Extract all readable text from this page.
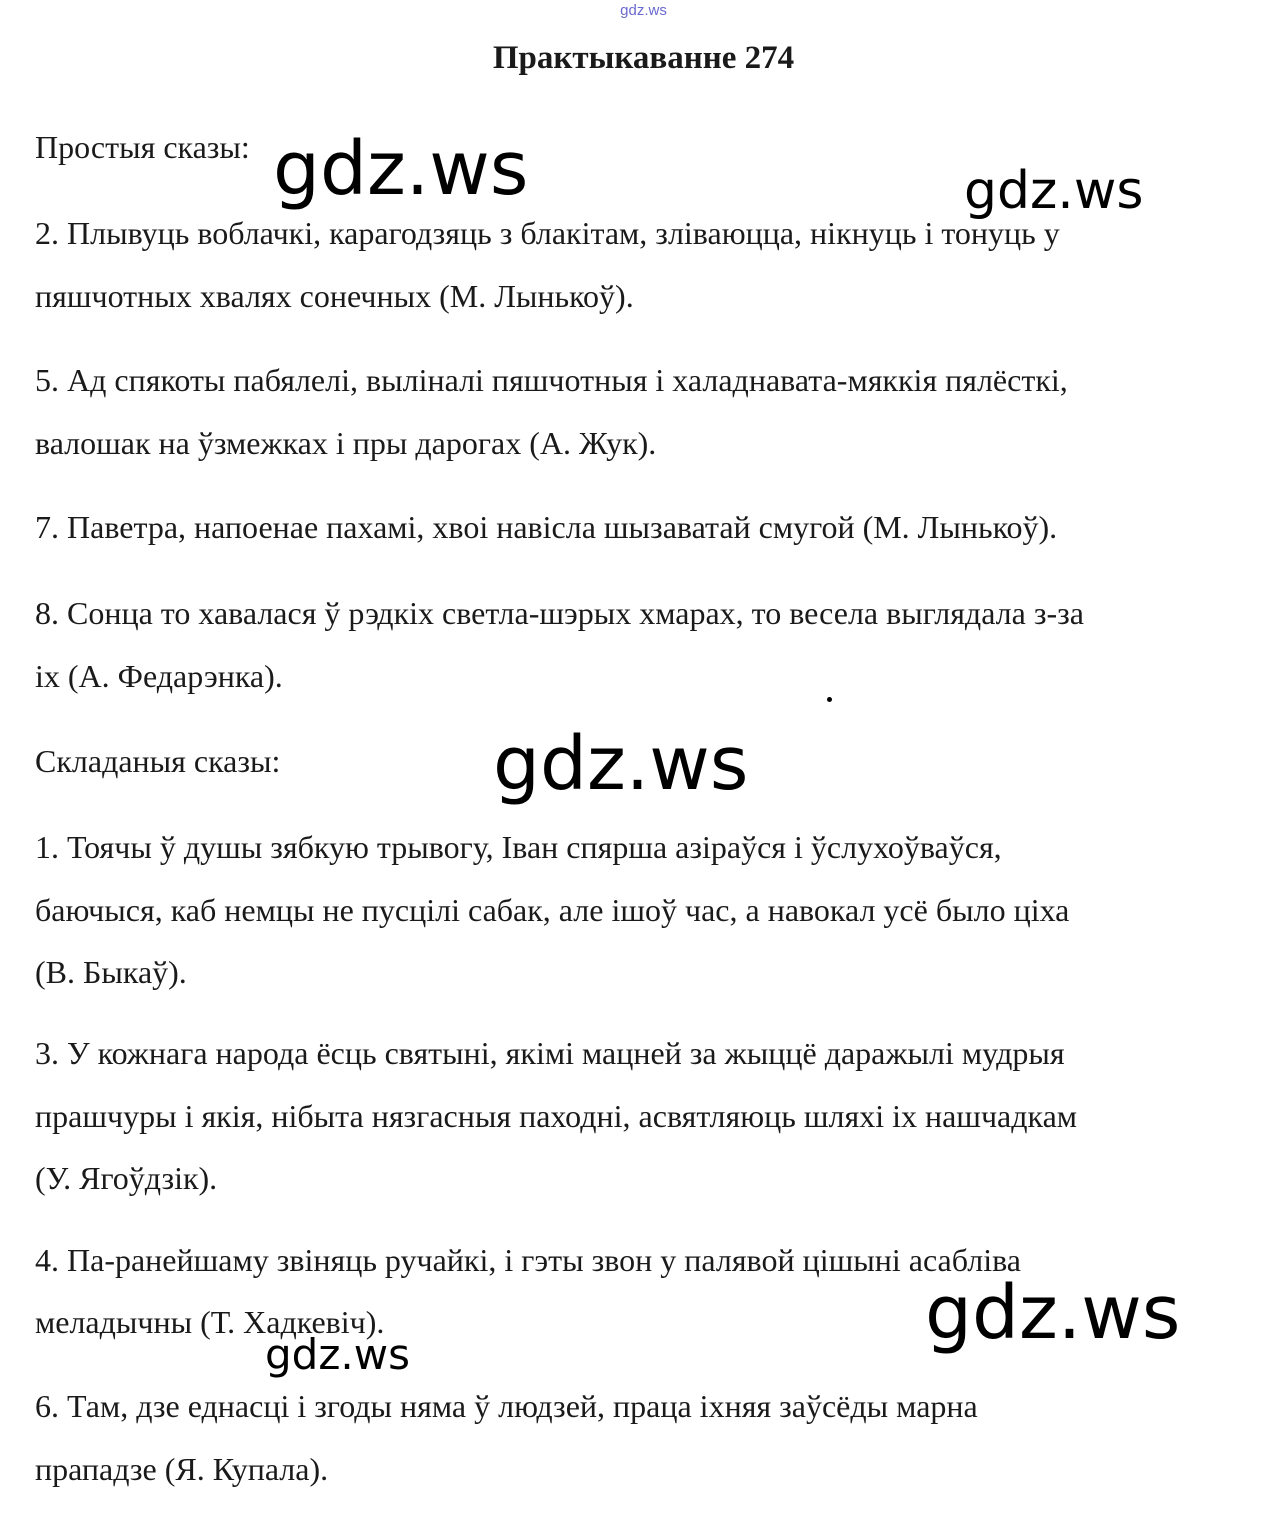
gdz.ws
Практыкаванне 274
Простыя сказы:
2. Плывуць воблачкі, карагодзяць з блакітам, зліваюцца, нікнуць і тонуць у
пяшчотных хвалях сонечных (М. Лынькоў).
5. Ад спякоты пабялелі, выліналі пяшчотныя і халаднавата-мяккія пялёсткі,
валошак на ўзмежках і пры дарогах (А. Жук).
7. Паветра, напоенае пахамі, хвоі навісла шызаватай смугой (М. Лынькоў).
8. Сонца то хавалася ў рэдкіх светла-шэрых хмарах, то весела выглядала з-за
іх (А. Федарэнка).
Складаныя сказы:
1. Тоячы ў душы зябкую трывогу, Іван спярша азіраўся і ўслухоўваўся,
баючыся, каб немцы не пусцілі сабак, але ішоў час, а навокал усё было ціха
(В. Быкаў).
3. У кожнага народа ёсць святыні, якімі мацней за жыццё даражылі мудрыя
прашчуры і якія, нібыта нязгасныя паходні, асвятляюць шляхі іх нашчадкам
(У. Ягоўдзік).
4. Па-ранейшаму звіняць ручайкі, і гэты звон у палявой цішыні асабліва
меладычны (Т. Хадкевіч).
6. Там, дзе еднасці і згоды няма ў людзей, праца іхняя заўсёды марна
прападзе (Я. Купала).
gdz.ws	gdz.ws
gdz.ws
gdz.ws
gdz.ws
